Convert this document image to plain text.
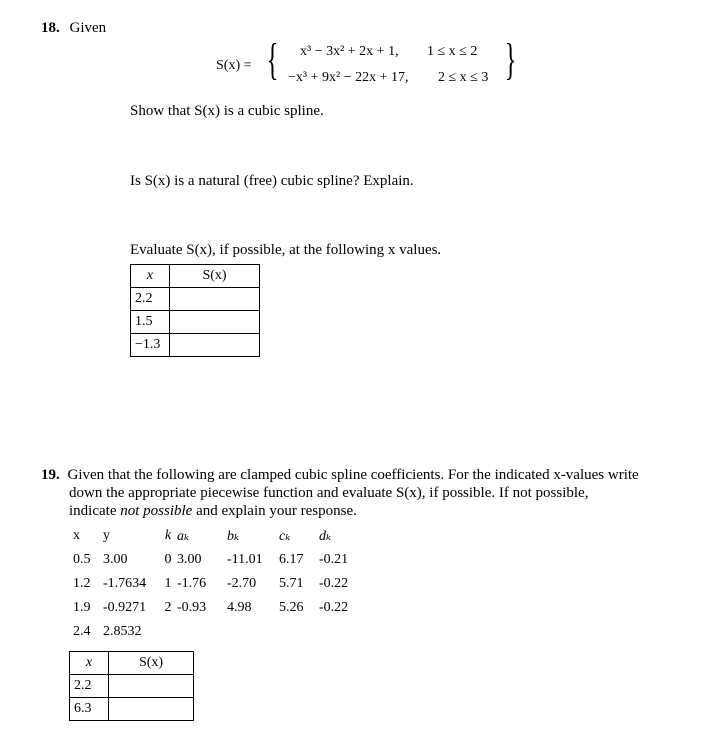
18. Given
S(x) = {	x³ − 3x² + 2x + 1, 1 ≤ x ≤ 2
−x³ + 9x² − 22x + 17, 2 ≤ x ≤ 3 }
Show that S(x) is a cubic spline.
Is S(x) is a natural (free) cubic spline? Explain.
Evaluate S(x), if possible, at the following x values.
x	S(x)
2.2	
1.5	
−1.3	
19. Given that the following are clamped cubic spline coefficients. For the indicated x-values write
down the appropriate piecewise function and evaluate S(x), if possible. If not possible,
indicate not possible and explain your response.
x	y	k	aₖ	bₖ	cₖ	dₖ
0.5	3.00	0	3.00	-11.01	6.17	-0.21
1.2	-1.7634	1	-1.76	-2.70	5.71	-0.22
1.9	-0.9271	2	-0.93	4.98	5.26	-0.22
2.4	2.8532					
x	S(x)
2.2	
6.3	
